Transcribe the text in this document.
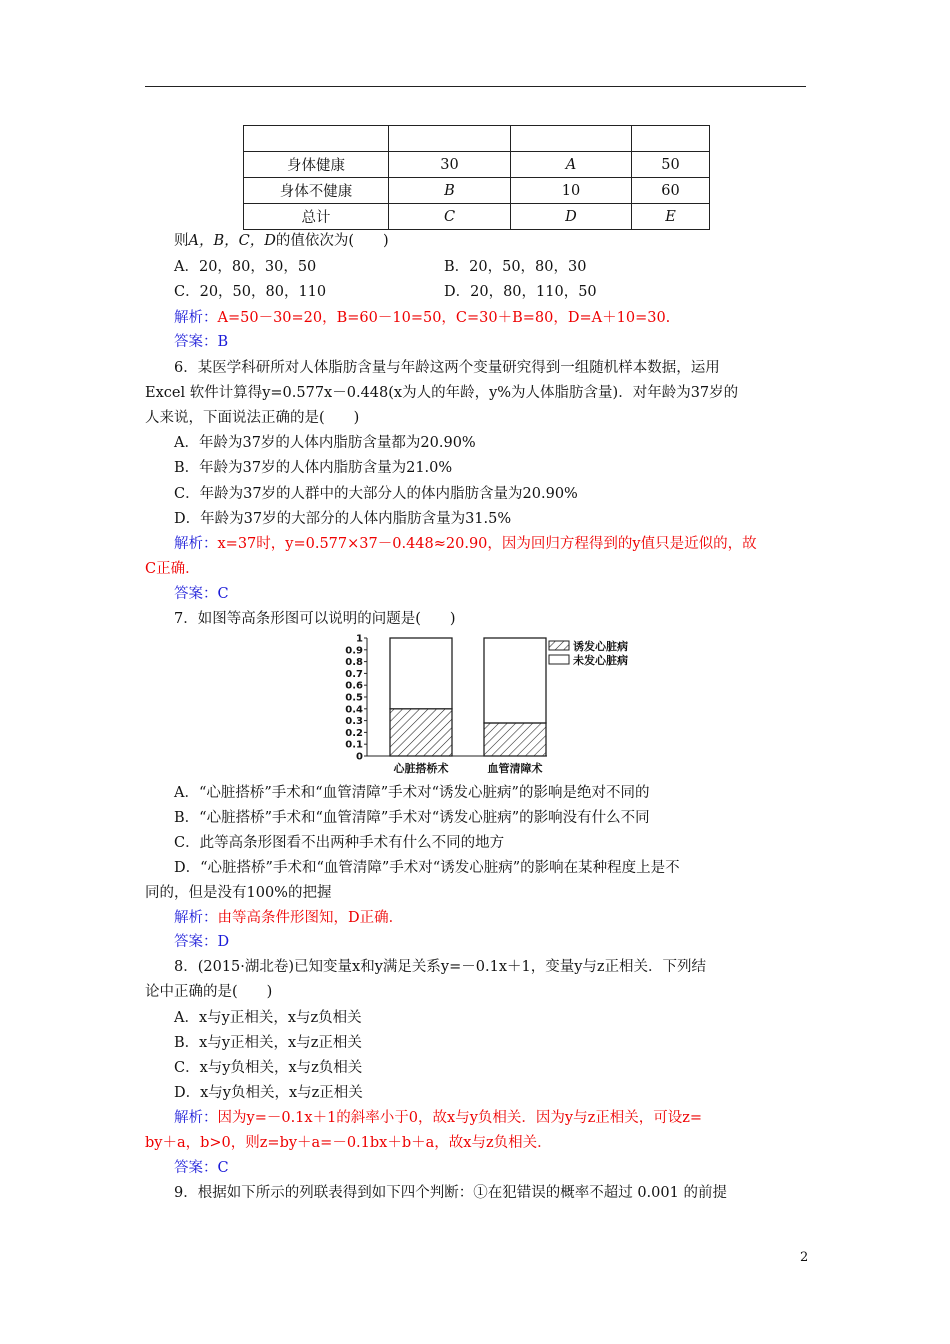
身体健康	30	A	50
身体不健康	B	10	60
总计	C	D	E
则A，B，C，D的值依次为(　　)
A．20，80，30，50	B．20，50，80，30
C．20，50，80，110	D．20，80，110，50
解析：A=50－30=20，B=60－10=50，C=30＋B=80，D=A＋10=30.
答案：B
6．某医学科研所对人体脂肪含量与年龄这两个变量研究得到一组随机样本数据，运用
Excel 软件计算得y=0.577x－0.448(x为人的年龄，y%为人体脂肪含量)．对年龄为37岁的
人来说，下面说法正确的是(　　)
A．年龄为37岁的人体内脂肪含量都为20.90%
B．年龄为37岁的人体内脂肪含量为21.0%
C．年龄为37岁的人群中的大部分人的体内脂肪含量为20.90%
D．年龄为37岁的大部分的人体内脂肪含量为31.5%
解析：x=37时，y=0.577×37－0.448≈20.90，因为回归方程得到的y值只是近似的，故
C正确．
答案：C
7．如图等高条形图可以说明的问题是(　　)
0
0.1
0.2
0.3
0.4
0.5
0.6
0.7
0.8
0.9
1
心脏搭桥术	血管清障术
诱发心脏病
未发心脏病
A．“心脏搭桥”手术和“血管清障”手术对“诱发心脏病”的影响是绝对不同的
B．“心脏搭桥”手术和“血管清障”手术对“诱发心脏病”的影响没有什么不同
C．此等高条形图看不出两种手术有什么不同的地方
D．“心脏搭桥”手术和“血管清障”手术对“诱发心脏病”的影响在某种程度上是不
同的，但是没有100%的把握
解析：由等高条件形图知，D正确．
答案：D
8．(2015·湖北卷)已知变量x和y满足关系y=－0.1x＋1，变量y与z正相关．下列结
论中正确的是(　　)
A．x与y正相关，x与z负相关
B．x与y正相关，x与z正相关
C．x与y负相关，x与z负相关
D．x与y负相关，x与z正相关
解析：因为y=－0.1x＋1的斜率小于0，故x与y负相关．因为y与z正相关，可设z=
by＋a，b>0，则z=by＋a=－0.1bx＋b＋a，故x与z负相关．
答案：C
9．根据如下所示的列联表得到如下四个判断：①在犯错误的概率不超过 0.001 的前提
2
